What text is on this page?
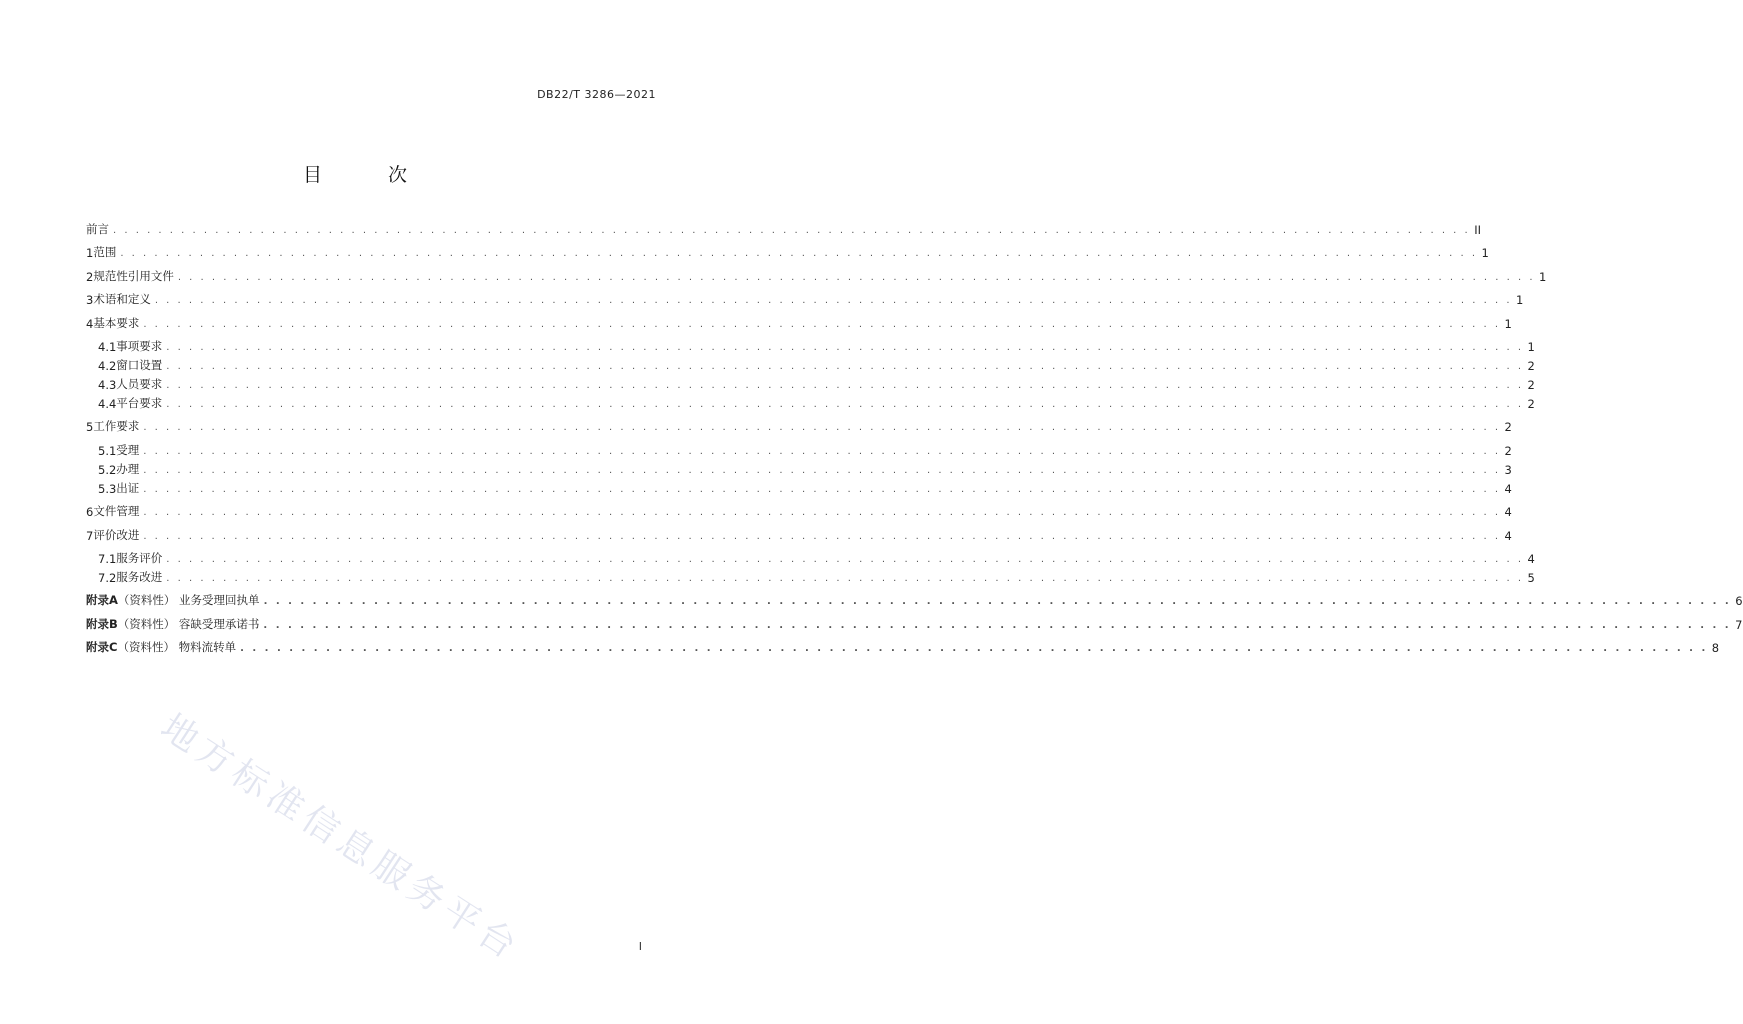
DB22/T 3286—2021
目 次
前言 . . . . . . . . . . . . . . . . . . . . . . . . . . . . . . . . . . . . . . . . . . . . . . . . . . . . . . . . . . . . . . . . . . . . . . . . . . . . . . . . . . . . . . . . . . . . . . . . . . . . . . . . . . . . . . . . . . . . . . . . II
1 范围 . . . . . . . . . . . . . . . . . . . . . . . . . . . . . . . . . . . . . . . . . . . . . . . . . . . . . . . . . . . . . . . . . . . . . . . . . . . . . . . . . . . . . . . . . . . . . . . . . . . . . . . . . . . . . . . . . . . . . . . . 1
2 规范性引用文件 . . . . . . . . . . . . . . . . . . . . . . . . . . . . . . . . . . . . . . . . . . . . . . . . . . . . . . . . . . . . . . . . . . . . . . . . . . . . . . . . . . . . . . . . . . . . . . . . . . . . . . . . . . . . . . . . . . . . . . . . 1
3 术语和定义 . . . . . . . . . . . . . . . . . . . . . . . . . . . . . . . . . . . . . . . . . . . . . . . . . . . . . . . . . . . . . . . . . . . . . . . . . . . . . . . . . . . . . . . . . . . . . . . . . . . . . . . . . . . . . . . . . . . . . . . . 1
4 基本要求 . . . . . . . . . . . . . . . . . . . . . . . . . . . . . . . . . . . . . . . . . . . . . . . . . . . . . . . . . . . . . . . . . . . . . . . . . . . . . . . . . . . . . . . . . . . . . . . . . . . . . . . . . . . . . . . . . . . . . . . . 1
4.1 事项要求 . . . . . . . . . . . . . . . . . . . . . . . . . . . . . . . . . . . . . . . . . . . . . . . . . . . . . . . . . . . . . . . . . . . . . . . . . . . . . . . . . . . . . . . . . . . . . . . . . . . . . . . . . . . . . . . . . . . . . . . . 1
4.2 窗口设置 . . . . . . . . . . . . . . . . . . . . . . . . . . . . . . . . . . . . . . . . . . . . . . . . . . . . . . . . . . . . . . . . . . . . . . . . . . . . . . . . . . . . . . . . . . . . . . . . . . . . . . . . . . . . . . . . . . . . . . . . 2
4.3 人员要求 . . . . . . . . . . . . . . . . . . . . . . . . . . . . . . . . . . . . . . . . . . . . . . . . . . . . . . . . . . . . . . . . . . . . . . . . . . . . . . . . . . . . . . . . . . . . . . . . . . . . . . . . . . . . . . . . . . . . . . . . 2
4.4 平台要求 . . . . . . . . . . . . . . . . . . . . . . . . . . . . . . . . . . . . . . . . . . . . . . . . . . . . . . . . . . . . . . . . . . . . . . . . . . . . . . . . . . . . . . . . . . . . . . . . . . . . . . . . . . . . . . . . . . . . . . . . 2
5 工作要求 . . . . . . . . . . . . . . . . . . . . . . . . . . . . . . . . . . . . . . . . . . . . . . . . . . . . . . . . . . . . . . . . . . . . . . . . . . . . . . . . . . . . . . . . . . . . . . . . . . . . . . . . . . . . . . . . . . . . . . . . 2
5.1 受理 . . . . . . . . . . . . . . . . . . . . . . . . . . . . . . . . . . . . . . . . . . . . . . . . . . . . . . . . . . . . . . . . . . . . . . . . . . . . . . . . . . . . . . . . . . . . . . . . . . . . . . . . . . . . . . . . . . . . . . . . 2
5.2 办理 . . . . . . . . . . . . . . . . . . . . . . . . . . . . . . . . . . . . . . . . . . . . . . . . . . . . . . . . . . . . . . . . . . . . . . . . . . . . . . . . . . . . . . . . . . . . . . . . . . . . . . . . . . . . . . . . . . . . . . . . 3
5.3 出证 . . . . . . . . . . . . . . . . . . . . . . . . . . . . . . . . . . . . . . . . . . . . . . . . . . . . . . . . . . . . . . . . . . . . . . . . . . . . . . . . . . . . . . . . . . . . . . . . . . . . . . . . . . . . . . . . . . . . . . . . 4
6 文件管理 . . . . . . . . . . . . . . . . . . . . . . . . . . . . . . . . . . . . . . . . . . . . . . . . . . . . . . . . . . . . . . . . . . . . . . . . . . . . . . . . . . . . . . . . . . . . . . . . . . . . . . . . . . . . . . . . . . . . . . . . 4
7 评价改进 . . . . . . . . . . . . . . . . . . . . . . . . . . . . . . . . . . . . . . . . . . . . . . . . . . . . . . . . . . . . . . . . . . . . . . . . . . . . . . . . . . . . . . . . . . . . . . . . . . . . . . . . . . . . . . . . . . . . . . . . 4
7.1 服务评价 . . . . . . . . . . . . . . . . . . . . . . . . . . . . . . . . . . . . . . . . . . . . . . . . . . . . . . . . . . . . . . . . . . . . . . . . . . . . . . . . . . . . . . . . . . . . . . . . . . . . . . . . . . . . . . . . . . . . . . . . 4
7.2 服务改进 . . . . . . . . . . . . . . . . . . . . . . . . . . . . . . . . . . . . . . . . . . . . . . . . . . . . . . . . . . . . . . . . . . . . . . . . . . . . . . . . . . . . . . . . . . . . . . . . . . . . . . . . . . . . . . . . . . . . . . . . 5
附录A （资料性） 业务受理回执单 . . . . . . . . . . . . . . . . . . . . . . . . . . . . . . . . . . . . . . . . . . . . . . . . . . . . . . . . . . . . . . . . . . . . . . . . . . . . . . . . . . . . . . . . . . . . . . . . . . . . . . . . . . . . . . . . . . . . . . . . 6
附录B （资料性） 容缺受理承诺书 . . . . . . . . . . . . . . . . . . . . . . . . . . . . . . . . . . . . . . . . . . . . . . . . . . . . . . . . . . . . . . . . . . . . . . . . . . . . . . . . . . . . . . . . . . . . . . . . . . . . . . . . . . . . . . . . . . . . . . . . 7
附录C （资料性） 物料流转单 . . . . . . . . . . . . . . . . . . . . . . . . . . . . . . . . . . . . . . . . . . . . . . . . . . . . . . . . . . . . . . . . . . . . . . . . . . . . . . . . . . . . . . . . . . . . . . . . . . . . . . . . . . . . . . . . . . . . . . . . 8
地方标准信息服务平台	I
